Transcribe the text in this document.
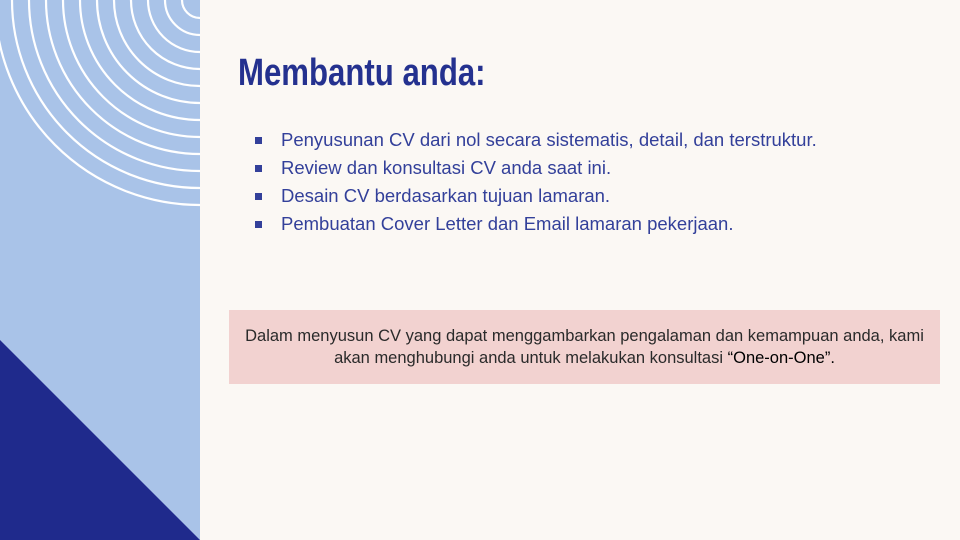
Membantu anda:
Penyusunan CV dari nol secara sistematis, detail, dan terstruktur.
Review dan konsultasi CV anda saat ini.
Desain CV berdasarkan tujuan lamaran.
Pembuatan Cover Letter dan Email lamaran pekerjaan.

Dalam menyusun CV yang dapat menggambarkan pengalaman dan kemampuan anda, kami akan menghubungi anda untuk melakukan konsultasi “One-on-One”.
